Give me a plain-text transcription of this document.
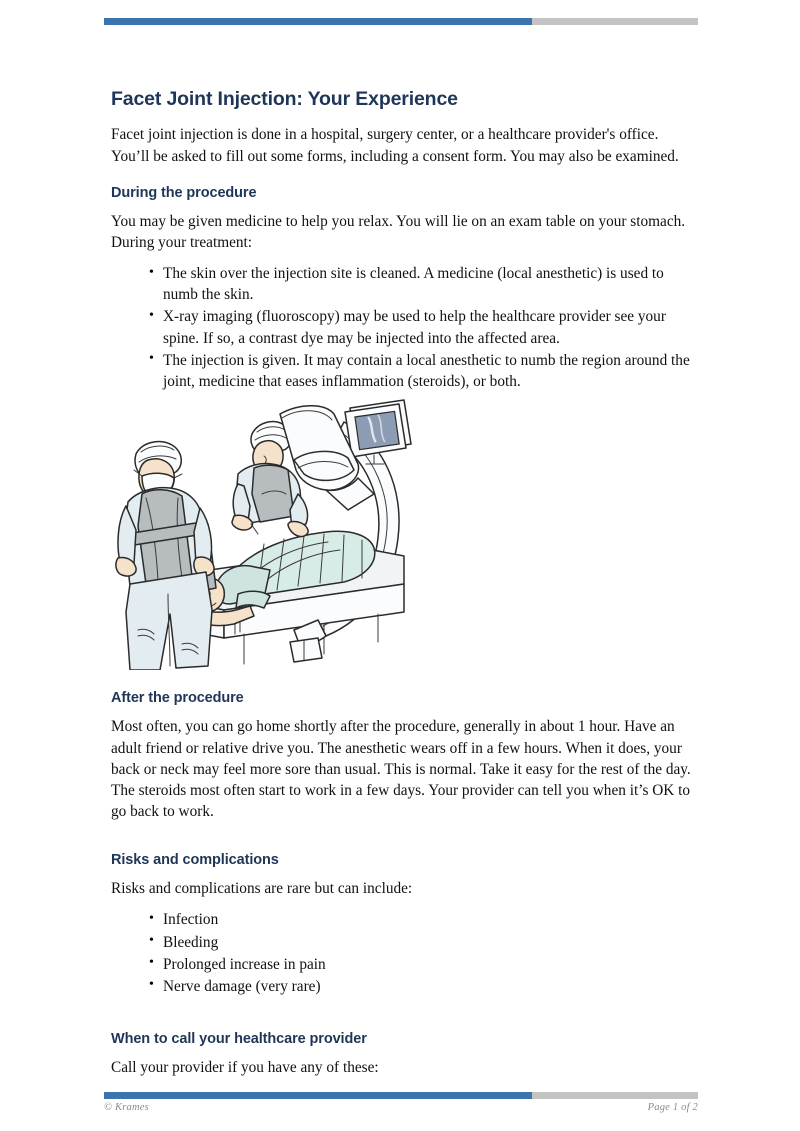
Facet Joint Injection: Your Experience

Facet joint injection is done in a hospital, surgery center, or a healthcare provider's office. You’ll be asked to fill out some forms, including a consent form. You may also be examined.

During the procedure

You may be given medicine to help you relax. You will lie on an exam table on your stomach. During your treatment:

• The skin over the injection site is cleaned. A medicine (local anesthetic) is used to numb the skin.
• X-ray imaging (fluoroscopy) may be used to help the healthcare provider see your spine. If so, a contrast dye may be injected into the affected area.
• The injection is given. It may contain a local anesthetic to numb the region around the joint, medicine that eases inflammation (steroids), or both.
After the procedure

Most often, you can go home shortly after the procedure, generally in about 1 hour. Have an adult friend or relative drive you. The anesthetic wears off in a few hours. When it does, your back or neck may feel more sore than usual. This is normal. Take it easy for the rest of the day. The steroids most often start to work in a few days. Your provider can tell you when it’s OK to go back to work.

Risks and complications

Risks and complications are rare but can include:

• Infection
• Bleeding
• Prolonged increase in pain
• Nerve damage (very rare)
When to call your healthcare provider

Call your provider if you have any of these:

© Krames	Page 1 of 2
